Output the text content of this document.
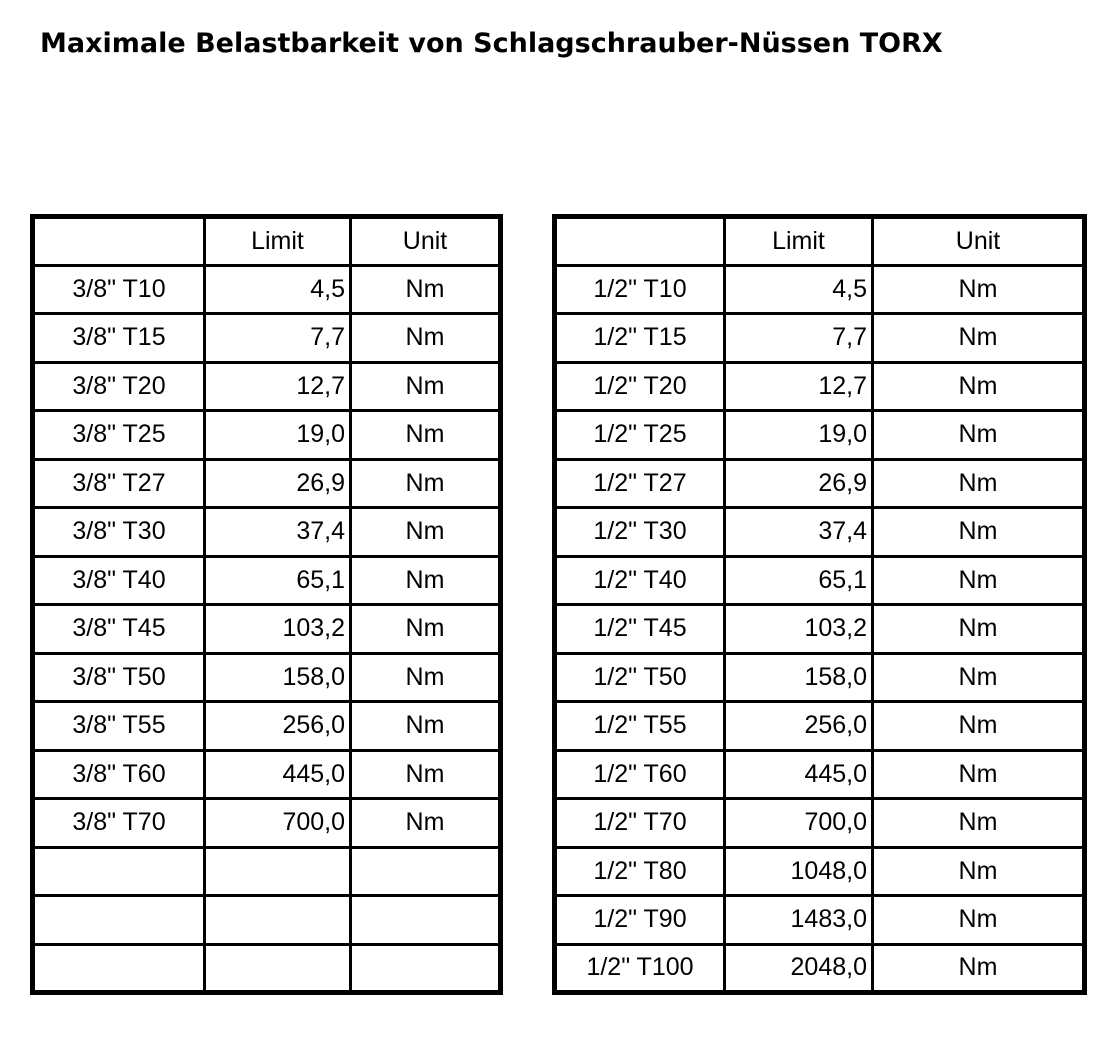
Maximale Belastbarkeit von Schlagschrauber-Nüssen TORX
	Limit	Unit
3/8" T10	4,5	Nm
3/8" T15	7,7	Nm
3/8" T20	12,7	Nm
3/8" T25	19,0	Nm
3/8" T27	26,9	Nm
3/8" T30	37,4	Nm
3/8" T40	65,1	Nm
3/8" T45	103,2	Nm
3/8" T50	158,0	Nm
3/8" T55	256,0	Nm
3/8" T60	445,0	Nm
3/8" T70	700,0	Nm

	Limit	Unit
1/2" T10	4,5	Nm
1/2" T15	7,7	Nm
1/2" T20	12,7	Nm
1/2" T25	19,0	Nm
1/2" T27	26,9	Nm
1/2" T30	37,4	Nm
1/2" T40	65,1	Nm
1/2" T45	103,2	Nm
1/2" T50	158,0	Nm
1/2" T55	256,0	Nm
1/2" T60	445,0	Nm
1/2" T70	700,0	Nm
1/2" T80	1048,0	Nm
1/2" T90	1483,0	Nm
1/2" T100	2048,0	Nm
